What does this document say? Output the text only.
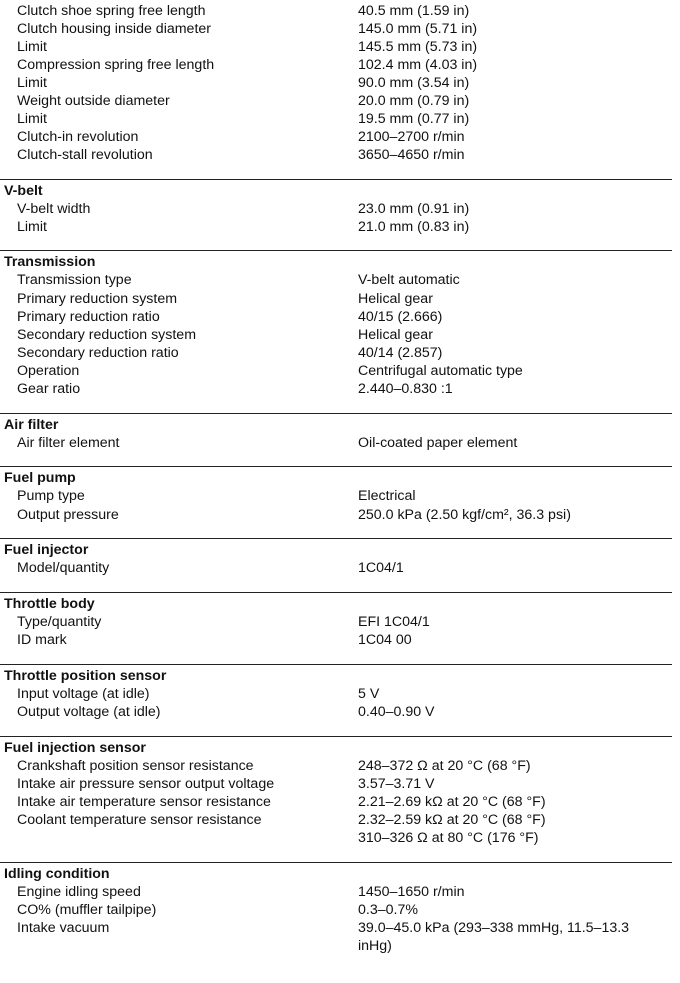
Clutch shoe spring free length	40.5 mm (1.59 in)
Clutch housing inside diameter	145.0 mm (5.71 in)
Limit	145.5 mm (5.73 in)
Compression spring free length	102.4 mm (4.03 in)
Limit	90.0 mm (3.54 in)
Weight outside diameter	20.0 mm (0.79 in)
Limit	19.5 mm (0.77 in)
Clutch-in revolution	2100–2700 r/min
Clutch-stall revolution	3650–4650 r/min
V-belt
V-belt width	23.0 mm (0.91 in)
Limit	21.0 mm (0.83 in)
Transmission
Transmission type	V-belt automatic
Primary reduction system	Helical gear
Primary reduction ratio	40/15 (2.666)
Secondary reduction system	Helical gear
Secondary reduction ratio	40/14 (2.857)
Operation	Centrifugal automatic type
Gear ratio	2.440–0.830 :1
Air filter
Air filter element	Oil-coated paper element
Fuel pump
Pump type	Electrical
Output pressure	250.0 kPa (2.50 kgf/cm², 36.3 psi)
Fuel injector
Model/quantity	1C04/1
Throttle body
Type/quantity	EFI 1C04/1
ID mark	1C04 00
Throttle position sensor
Input voltage (at idle)	5 V
Output voltage (at idle)	0.40–0.90 V
Fuel injection sensor
Crankshaft position sensor resistance	248–372 Ω at 20 °C (68 °F)
Intake air pressure sensor output voltage	3.57–3.71 V
Intake air temperature sensor resistance	2.21–2.69 kΩ at 20 °C (68 °F)
Coolant temperature sensor resistance	2.32–2.59 kΩ at 20 °C (68 °F)
310–326 Ω at 80 °C (176 °F)
Idling condition
Engine idling speed	1450–1650 r/min
CO% (muffler tailpipe)	0.3–0.7%
Intake vacuum	39.0–45.0 kPa (293–338 mmHg, 11.5–13.3 inHg)
